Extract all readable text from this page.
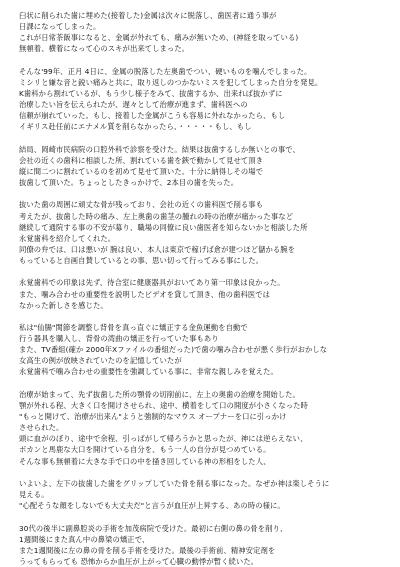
臼状に削られた歯に埋めた(接着した)金属は次々に脱落し、歯医者に通う事が
日課になってしまった。
これが日常茶飯事になると、金属が外れても、痛みが無いため、(神経を取っている)
無頓着、横着になって心のスキが出来てしまった。
そんな'99年、正月 4日に、金属の脱落した左奥歯でつい、硬いものを噛んでしまった。
ミシリと嫌な音と鋭い痛みと共に、取り返しのつかないミスを犯してしまった自分を発見。
K歯科から割れているが、もう少し様子をみて、抜歯するか、出来れば抜かずに
治療したい旨を伝えられたが、遅々として治療が進まず、歯科医への
信頼が崩れていった。もし、接着した金属がこうも容易に外れなかったら、もし
イギリス赴任前にエナメル質を削らなかったら、・・・・・もし、もし
結局、岡崎市民病院の口腔外科で診察を受けた。結果は抜歯するしか無いとの事で、
会社の近くの歯科に相談した所、割れている歯を鋏で動かして見せて頂き
縦に間二つに割れているのを初めて見せて頂いた。十分に納得しその場で
抜歯して頂いた。ちょっとしたきっかけで、2本目の歯を失った。
抜いた歯の周囲に頑丈な骨が残っており、会社の近くの歯科医で削る事も
考えたが、抜歯した時の痛み、左上奥歯の歯茎の腫れの時の治療が痛かった事など
継続して通院する事の不安が募り、職場の同僚に良い歯医者を知らないかと相談した所
永覚歯科を紹介してくれた。
同僚の弁では、口は悪いが 腕は良い、本人は東京で稼げば倉が建つほど儲かる腕を
もっていると自画自賛しているとの事、思い切って行ってみる事にした。
永覚歯科での印象は先ず、待合室に健康器具がおいてあり第一印象は良かった。
また、噛み合わせの重要性を説明したビデオを貸して頂き、他の歯科医では
なかった新しさを感じた。
私は"仙腸"関節を調整し背骨を真っ直ぐに矯正する金魚運動を自動で
行う器具を購入し、背骨の湾曲の矯正を行っていた事もあり
また、TV番組(確か 2000年Xファイルの番組だった)で歯の噛み合わせが悪く歩行がおかしな
女高生の例が放映されていたのを記憶していたが
永覚歯科で噛み合わせの重要性を強調している事に、非常な親しみを覚えた。
治療が始まって、先ず抜歯した所の顎骨の切削前に、左上の奥歯の治療を開始した。
顎が外れる程、大きく口を開けさせられ、途中、横着をして口の開度が小さくなった時
"もっと開けて、治療が出来ん"ようと強制的なマウス オープナーを口に引っかけ
させられた。
頭に血がのぼり、途中で余程、引っぱがして帰ろうかと思ったが、神には逆らえない、
ボカンと馬鹿な大口を開けている自分を、もう一人の自分が見つめている。
そんな事も無頓着に大きな手で口の中を掻き回している神の形相をした人、
いよいよ、左下の抜歯した歯をグリップしていた骨を削る事になった。なぜか神は楽しそうに
見える。
"心配そうな顔をしないでも大丈夫だ"と言うが血圧が上昇する、あの時の様に。
30代の後半に副鼻腔炎の手術を加茂病院で受けた。最初に右側の鼻の骨を削り、
1週間後にまた真ん中の鼻梁の矯正で、
また1週間後に左の鼻の骨を削る手術を受けた。最後の手術前、精神安定剤を
うってもらっても 恐怖からか血圧が上がって心臓の動悸が暫く続いた。
